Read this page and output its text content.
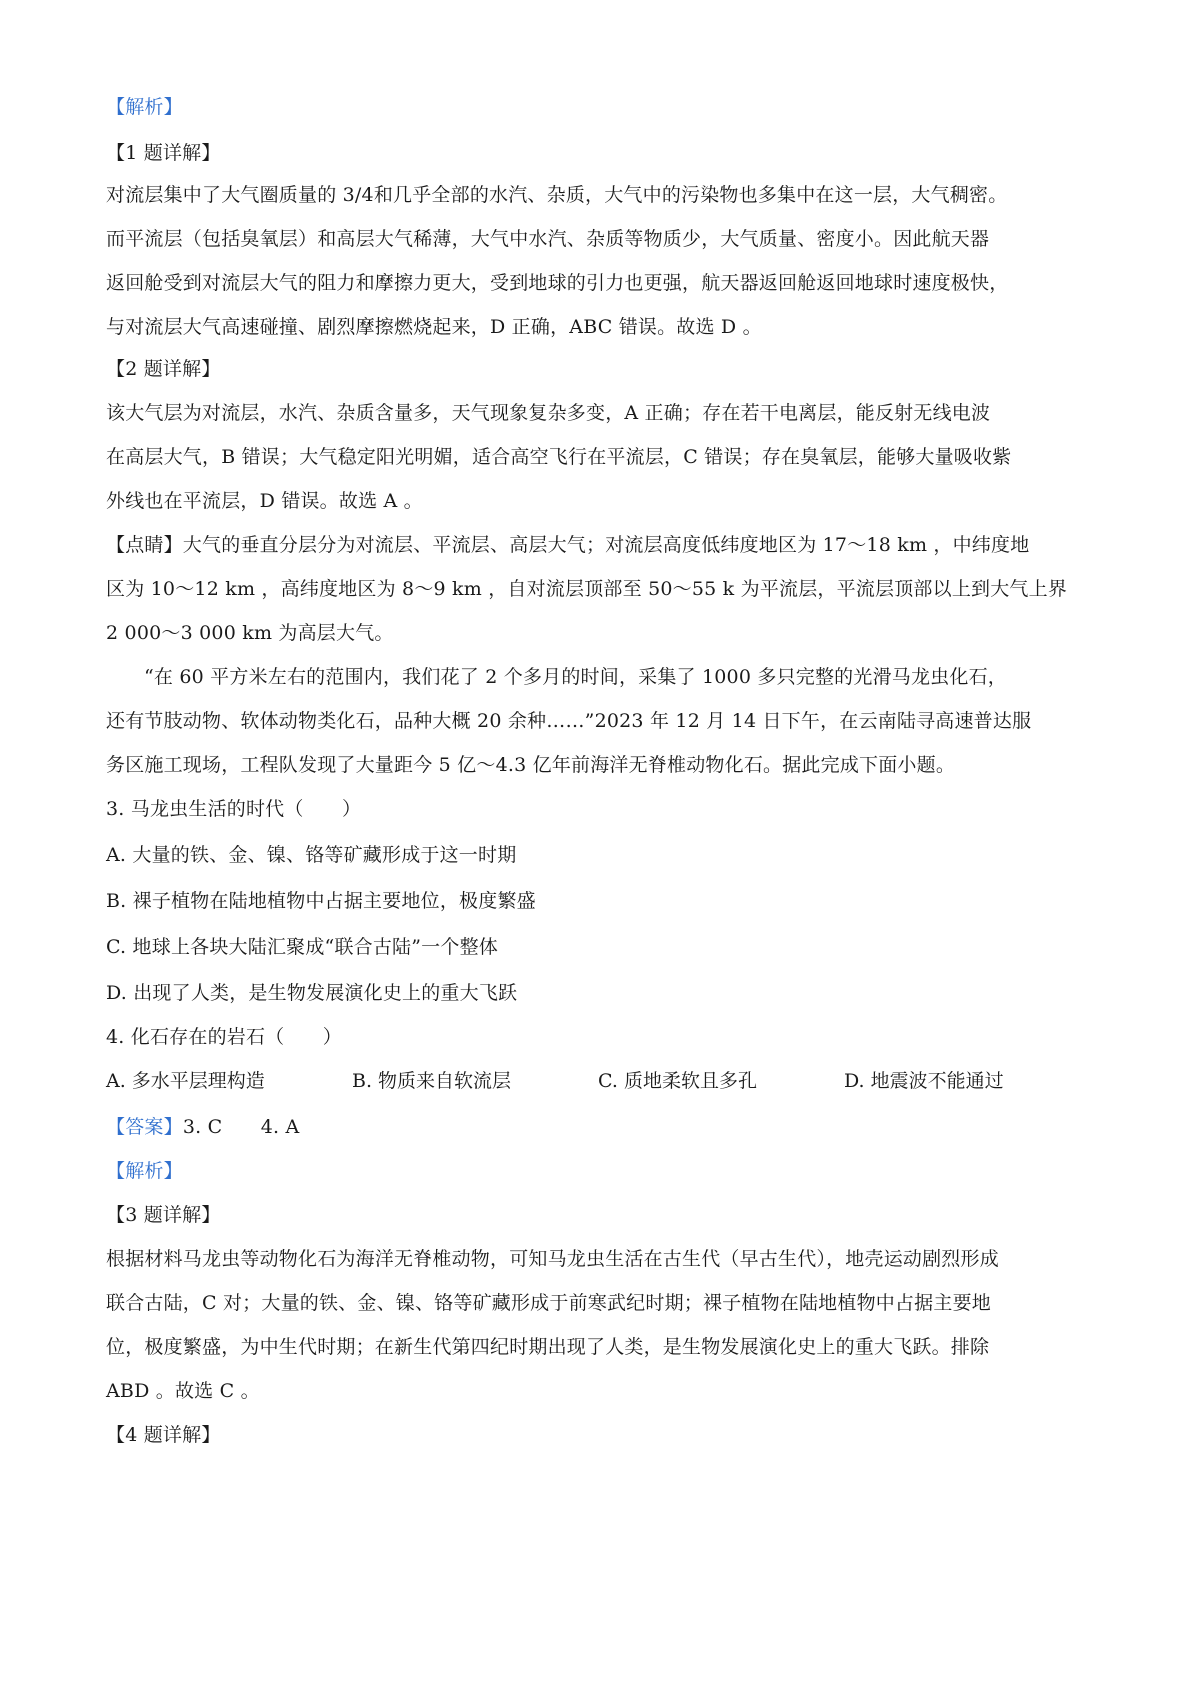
【解析】
【1 题详解】
对流层集中了大气圈质量的 3/4和几乎全部的水汽、杂质，大气中的污染物也多集中在这一层，大气稠密。
而平流层（包括臭氧层）和高层大气稀薄，大气中水汽、杂质等物质少，大气质量、密度小。因此航天器
返回舱受到对流层大气的阻力和摩擦力更大，受到地球的引力也更强，航天器返回舱返回地球时速度极快，
与对流层大气高速碰撞、剧烈摩擦燃烧起来，D 正确，ABC 错误。故选 D 。
【2 题详解】
该大气层为对流层，水汽、杂质含量多，天气现象复杂多变，A 正确；存在若干电离层，能反射无线电波
在高层大气，B 错误；大气稳定阳光明媚，适合高空飞行在平流层，C 错误；存在臭氧层，能够大量吸收紫
外线也在平流层，D 错误。故选 A 。
【点睛】大气的垂直分层分为对流层、平流层、高层大气；对流层高度低纬度地区为 17～18 km ，中纬度地
区为 10～12 km ，高纬度地区为 8～9 km ，自对流层顶部至 50～55 k 为平流层，平流层顶部以上到大气上界
2 000～3 000 km 为高层大气。
“在 60 平方米左右的范围内，我们花了 2 个多月的时间，采集了 1000 多只完整的光滑马龙虫化石，
还有节肢动物、软体动物类化石，品种大概 20 余种……”2023 年 12 月 14 日下午，在云南陆寻高速普达服
务区施工现场，工程队发现了大量距今 5 亿～4.3 亿年前海洋无脊椎动物化石。据此完成下面小题。
3. 马龙虫生活的时代（　　）
A. 大量的铁、金、镍、铬等矿藏形成于这一时期
B. 裸子植物在陆地植物中占据主要地位，极度繁盛
C. 地球上各块大陆汇聚成“联合古陆”一个整体
D. 出现了人类，是生物发展演化史上的重大飞跃
4. 化石存在的岩石（　　）
A. 多水平层理构造	B. 物质来自软流层	C. 质地柔软且多孔	D. 地震波不能通过
【答案】3. C　　4. A
【解析】
【3 题详解】
根据材料马龙虫等动物化石为海洋无脊椎动物，可知马龙虫生活在古生代（早古生代），地壳运动剧烈形成
联合古陆，C 对；大量的铁、金、镍、铬等矿藏形成于前寒武纪时期；裸子植物在陆地植物中占据主要地
位，极度繁盛，为中生代时期；在新生代第四纪时期出现了人类，是生物发展演化史上的重大飞跃。排除
ABD 。故选 C 。
【4 题详解】
